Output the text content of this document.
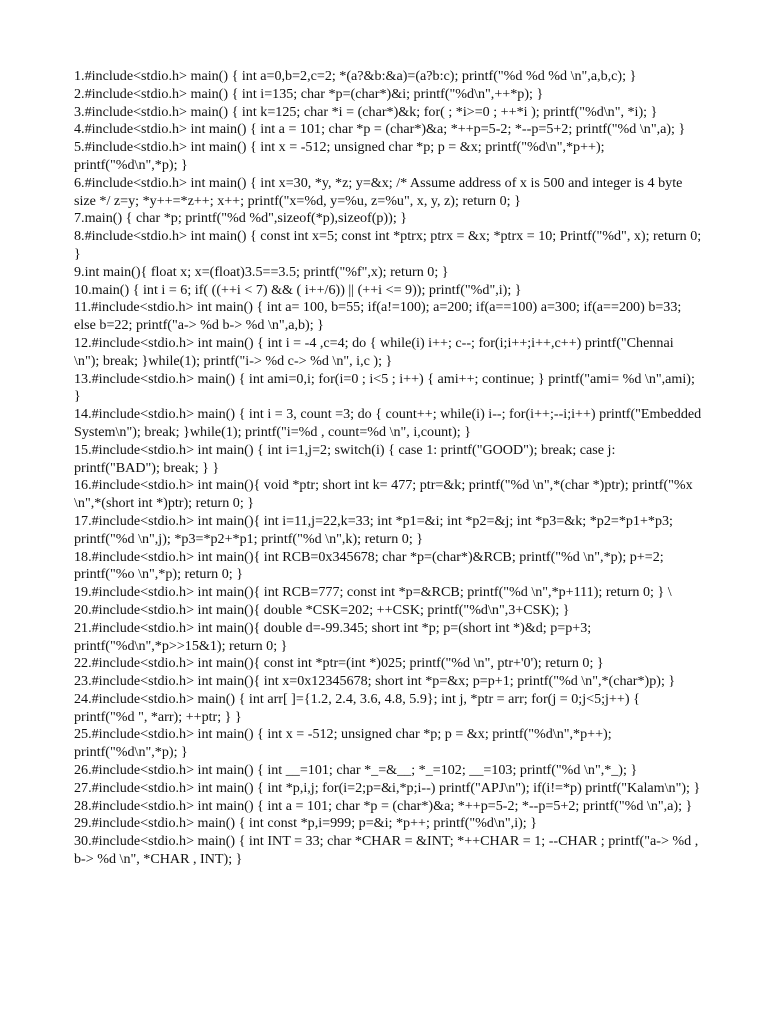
1.#include<stdio.h> main() { int a=0,b=2,c=2; *(a?&b:&a)=(a?b:c); printf("%d %d %d \n",a,b,c); }
2.#include<stdio.h> main() { int i=135; char *p=(char*)&i; printf("%d\n",++*p); }
3.#include<stdio.h> main() { int k=125; char *i = (char*)&k; for( ; *i>=0 ; ++*i ); printf("%d\n", *i); }
4.#include<stdio.h> int main() { int a = 101; char *p = (char*)&a; *++p=5-2; *--p=5+2; printf("%d \n",a); }
5.#include<stdio.h> int main() { int x = -512; unsigned char *p; p = &x; printf("%d\n",*p++); printf("%d\n",*p); }
6.#include<stdio.h> int main() { int x=30, *y, *z; y=&x; /* Assume address of x is 500 and integer is 4 byte size */ z=y; *y++=*z++; x++; printf("x=%d, y=%u, z=%u", x, y, z); return 0; }
7.main() { char *p; printf("%d %d",sizeof(*p),sizeof(p)); }
8.#include<stdio.h> int main() { const int x=5; const int *ptrx; ptrx = &x; *ptrx = 10; Printf("%d", x); return 0; }
9.int main(){ float x; x=(float)3.5==3.5; printf("%f",x); return 0; }
10.main() { int i = 6; if( ((++i < 7) && ( i++/6)) || (++i <= 9)); printf("%d",i); }
11.#include<stdio.h> int main() { int a= 100, b=55; if(a!=100); a=200; if(a==100) a=300; if(a==200) b=33; else b=22; printf("a-> %d b-> %d \n",a,b); }
12.#include<stdio.h> int main() { int i = -4 ,c=4; do { while(i) i++; c--; for(i;i++;i++,c++) printf("Chennai \n"); break; }while(1); printf("i-> %d c-> %d \n", i,c ); }
13.#include<stdio.h> main() { int ami=0,i; for(i=0 ; i<5 ; i++) { ami++; continue; } printf("ami= %d \n",ami); }
14.#include<stdio.h> main() { int i = 3, count =3; do { count++; while(i) i--; for(i++;--i;i++) printf("Embedded System\n"); break; }while(1); printf("i=%d , count=%d \n", i,count); }
15.#include<stdio.h> int main() { int i=1,j=2; switch(i) { case 1: printf("GOOD"); break; case j: printf("BAD"); break; } }
16.#include<stdio.h> int main(){ void *ptr; short int k= 477; ptr=&k; printf("%d \n",*(char *)ptr); printf("%x \n",*(short int *)ptr); return 0; }
17.#include<stdio.h> int main(){ int i=11,j=22,k=33; int *p1=&i; int *p2=&j; int *p3=&k; *p2=*p1+*p3; printf("%d \n",j); *p3=*p2+*p1; printf("%d \n",k); return 0; }
18.#include<stdio.h> int main(){ int RCB=0x345678; char *p=(char*)&RCB; printf("%d \n",*p); p+=2; printf("%o \n",*p); return 0; }
19.#include<stdio.h> int main(){ int RCB=777; const int *p=&RCB; printf("%d \n",*p+111); return 0; } \
20.#include<stdio.h> int main(){ double *CSK=202; ++CSK; printf("%d\n",3+CSK); }
21.#include<stdio.h> int main(){ double d=-99.345; short int *p; p=(short int *)&d; p=p+3; printf("%d\n",*p>>15&1); return 0; }
22.#include<stdio.h> int main(){ const int *ptr=(int *)025; printf("%d \n", ptr+'0'); return 0; }
23.#include<stdio.h> int main(){ int x=0x12345678; short int *p=&x; p=p+1; printf("%d \n",*(char*)p); }
24.#include<stdio.h> main() { int arr[ ]={1.2, 2.4, 3.6, 4.8, 5.9}; int j, *ptr = arr; for(j = 0;j<5;j++) { printf("%d ", *arr); ++ptr; } }
25.#include<stdio.h> int main() { int x = -512; unsigned char *p; p = &x; printf("%d\n",*p++); printf("%d\n",*p); }
26.#include<stdio.h> int main() { int __=101; char *_=&__; *_=102; __=103; printf("%d \n",*_); }
27.#include<stdio.h> int main() { int *p,i,j; for(i=2;p=&i,*p;i--) printf("APJ\n"); if(i!=*p) printf("Kalam\n"); }
28.#include<stdio.h> int main() { int a = 101; char *p = (char*)&a; *++p=5-2; *--p=5+2; printf("%d \n",a); }
29.#include<stdio.h> main() { int const *p,i=999; p=&i; *p++; printf("%d\n",i); }
30.#include<stdio.h> main() { int INT = 33; char *CHAR = &INT; *++CHAR = 1; --CHAR ; printf("a-> %d , b-> %d \n", *CHAR , INT); }
